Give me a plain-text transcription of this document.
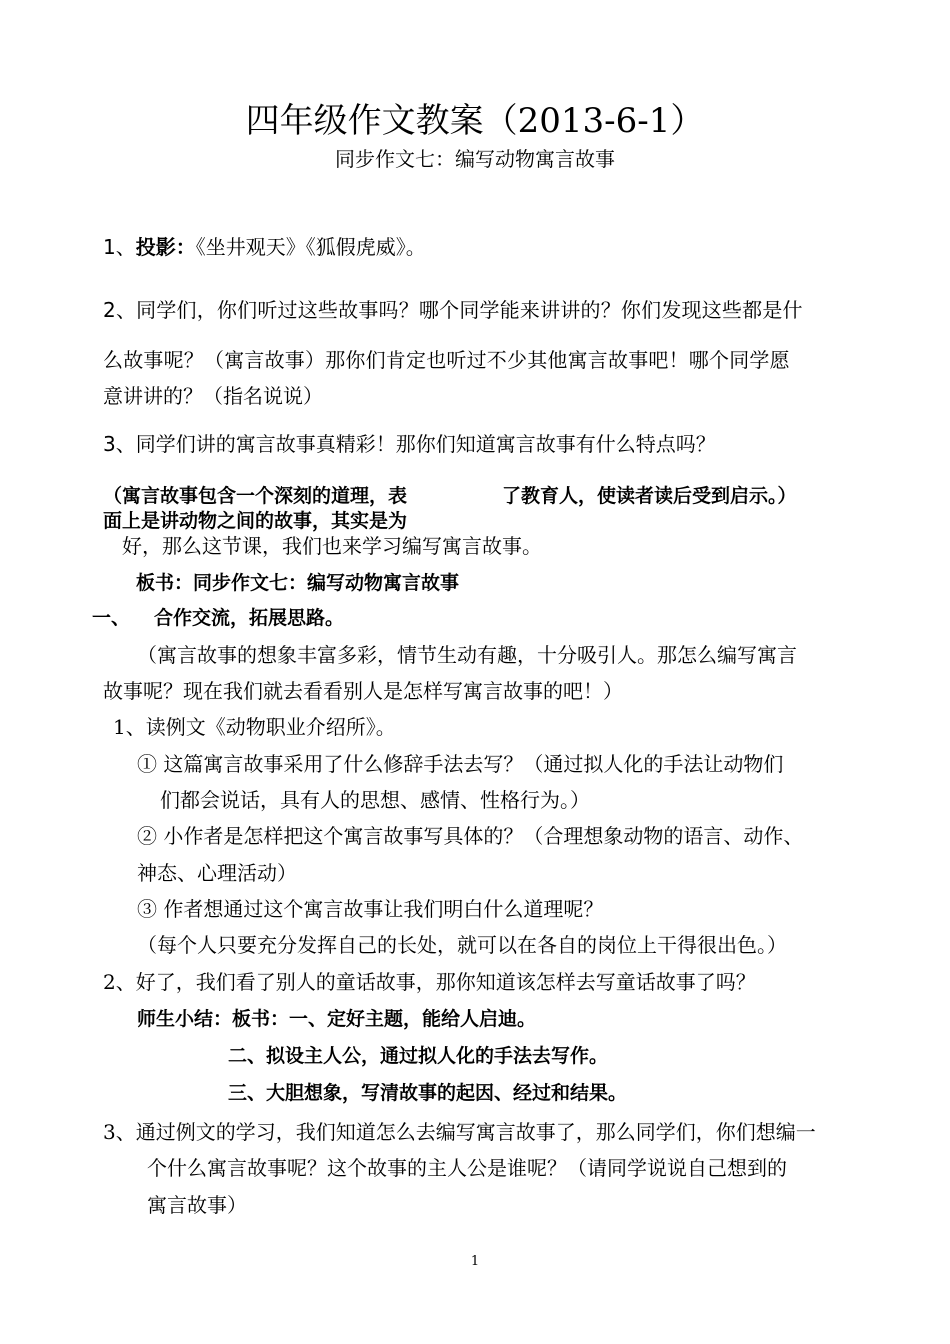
四年级作文教案（2013-6-1）
同步作文七：编写动物寓言故事
1、投影：《坐井观天》《狐假虎威》。
2、同学们，你们听过这些故事吗？哪个同学能来讲讲的？你们发现这些都是什
么故事呢？（寓言故事）那你们肯定也听过不少其他寓言故事吧！哪个同学愿
意讲讲的？（指名说说）
3、同学们讲的寓言故事真精彩！那你们知道寓言故事有什么特点吗？
（寓言故事包含一个深刻的道理，表
面上是讲动物之间的故事，其实是为
了教育人，使读者读后受到启示。）
好，那么这节课，我们也来学习编写寓言故事。
板书：同步作文七：编写动物寓言故事
一、 合作交流，拓展思路。
（寓言故事的想象丰富多彩，情节生动有趣，十分吸引人。那怎么编写寓言
故事呢？现在我们就去看看别人是怎样写寓言故事的吧！）
1、读例文《动物职业介绍所》。
① 这篇寓言故事采用了什么修辞手法去写？（通过拟人化的手法让动物们
们都会说话，具有人的思想、感情、性格行为。）
② 小作者是怎样把这个寓言故事写具体的？（合理想象动物的语言、动作、
神态、心理活动）
③ 作者想通过这个寓言故事让我们明白什么道理呢？
（每个人只要充分发挥自己的长处，就可以在各自的岗位上干得很出色。）
2、好了，我们看了别人的童话故事，那你知道该怎样去写童话故事了吗？
师生小结：板书：一、定好主题，能给人启迪。
二、拟设主人公，通过拟人化的手法去写作。
三、大胆想象，写清故事的起因、经过和结果。
3、通过例文的学习，我们知道怎么去编写寓言故事了，那么同学们，你们想编一
个什么寓言故事呢？这个故事的主人公是谁呢？（请同学说说自己想到的
寓言故事）
1
